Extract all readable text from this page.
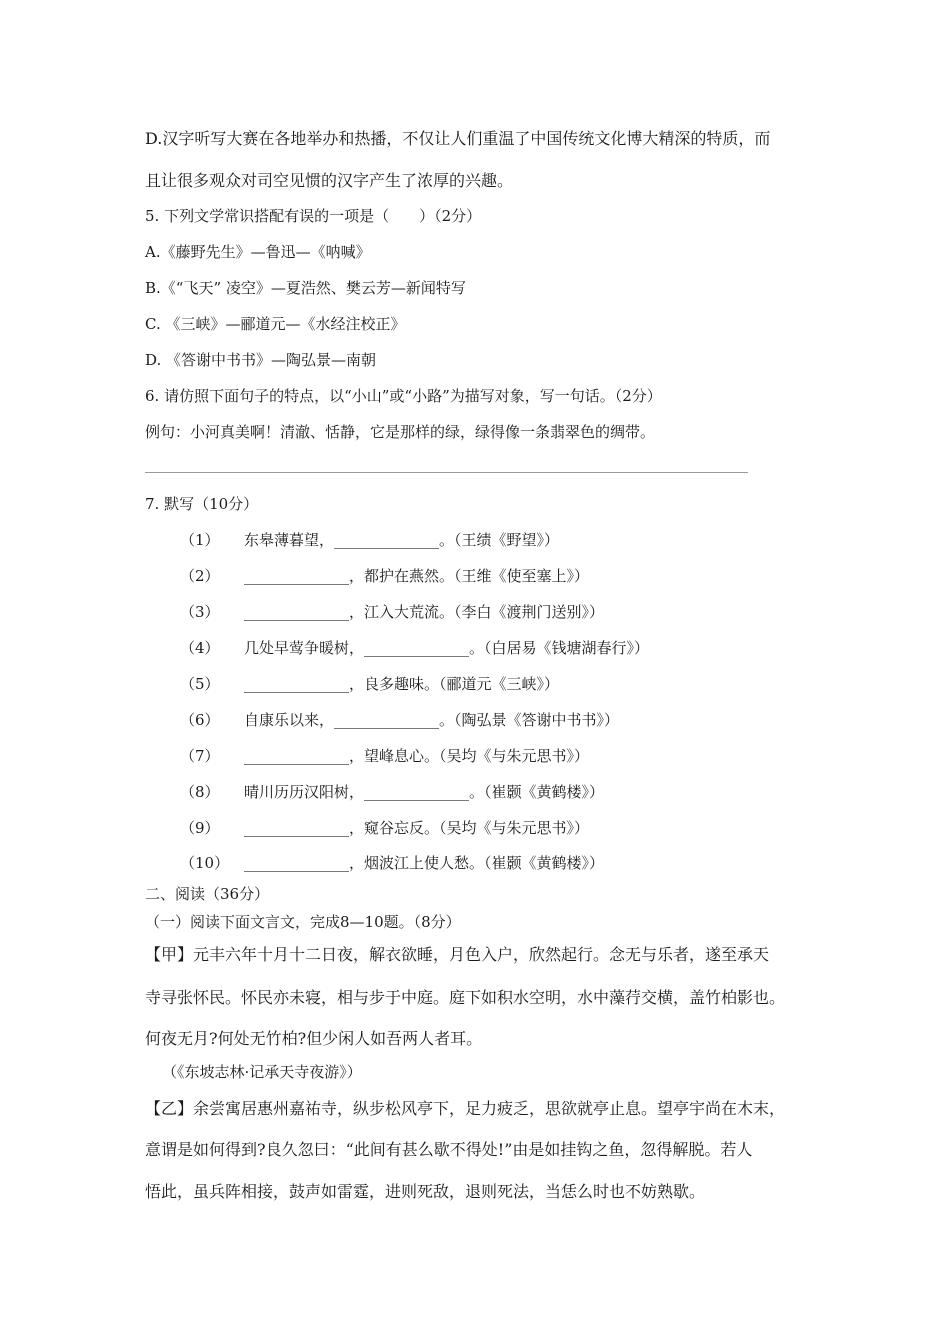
D.汉字听写大赛在各地举办和热播，不仅让人们重温了中国传统文化博大精深的特质，而
且让很多观众对司空见惯的汉字产生了浓厚的兴趣。
5. 下列文学常识搭配有误的一项是（　　）（2分）
A.《藤野先生》—鲁迅—《呐喊》
B.《“飞天” 凌空》—夏浩然、樊云芳—新闻特写
C. 《三峡》—郦道元—《水经注校正》
D. 《答谢中书书》—陶弘景—南朝
6. 请仿照下面句子的特点，以“小山”或“小路”为描写对象，写一句话。（2分）
例句：小河真美啊！清澈、恬静，它是那样的绿，绿得像一条翡翠色的绸带。
7. 默写（10分）
（1） 东皋薄暮望，______________。（王绩《野望》）
（2） ______________，都护在燕然。（王维《使至塞上》）
（3） ______________，江入大荒流。（李白《渡荆门送别》）
（4） 几处早莺争暖树，______________。（白居易《钱塘湖春行》）
（5） ______________，良多趣味。（郦道元《三峡》）
（6） 自康乐以来，______________。（陶弘景《答谢中书书》）
（7） ______________，望峰息心。（吴均《与朱元思书》）
（8） 晴川历历汉阳树，______________。（崔颢《黄鹤楼》）
（9） ______________，窥谷忘反。（吴均《与朱元思书》）
（10） ______________，烟波江上使人愁。（崔颢《黄鹤楼》）
二、阅读（36分）
（一）阅读下面文言文，完成8—10题。（8分）
【甲】元丰六年十月十二日夜，解衣欲睡，月色入户，欣然起行。念无与乐者，遂至承天
寺寻张怀民。怀民亦未寝，相与步于中庭。庭下如积水空明，水中藻荇交横，盖竹柏影也。
何夜无月?何处无竹柏?但少闲人如吾两人者耳。
（《东坡志林·记承天寺夜游》）
【乙】余尝寓居惠州嘉祐寺，纵步松风亭下，足力疲乏，思欲就亭止息。望亭宇尚在木末，
意谓是如何得到?良久忽曰：“此间有甚么歇不得处!”由是如挂钩之鱼，忽得解脱。若人
悟此，虽兵阵相接，鼓声如雷霆，进则死敌，退则死法，当恁么时也不妨熟歇。
